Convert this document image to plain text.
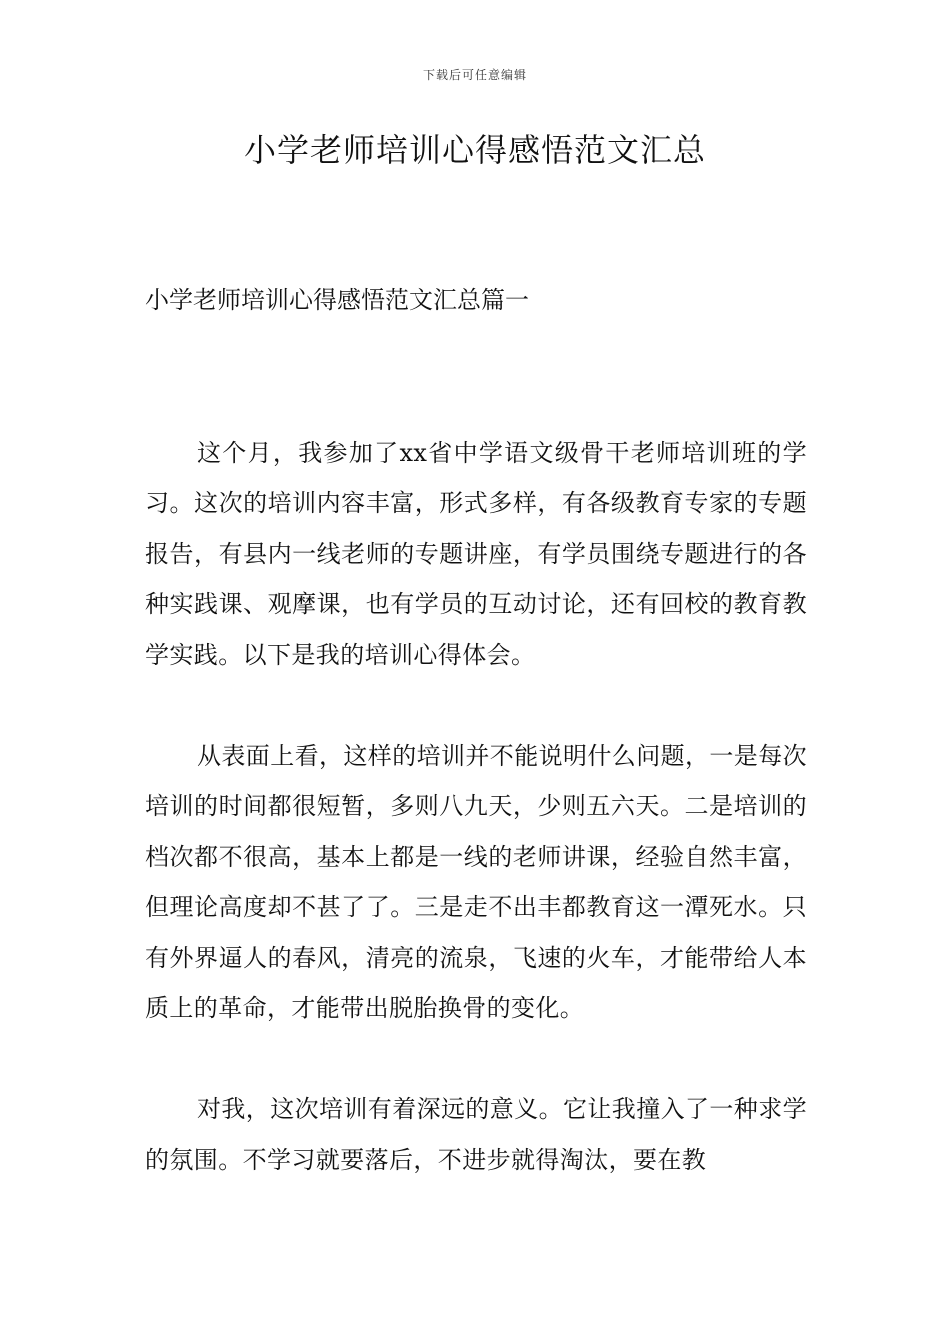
下载后可任意编辑
小学老师培训心得感悟范文汇总
小学老师培训心得感悟范文汇总篇一

这个月，我参加了xx省中学语文级骨干老师培训班的学习。这次的培训内容丰富，形式多样，有各级教育专家的专题报告，有县内一线老师的专题讲座，有学员围绕专题进行的各种实践课、观摩课，也有学员的互动讨论，还有回校的教育教学实践。以下是我的培训心得体会。

从表面上看，这样的培训并不能说明什么问题，一是每次培训的时间都很短暂，多则八九天，少则五六天。二是培训的档次都不很高，基本上都是一线的老师讲课，经验自然丰富，但理论高度却不甚了了。三是走不出丰都教育这一潭死水。只有外界逼人的春风，清亮的流泉，飞速的火车，才能带给人本质上的革命，才能带出脱胎换骨的变化。

对我，这次培训有着深远的意义。它让我撞入了一种求学的氛围。不学习就要落后，不进步就得淘汰，要在教
